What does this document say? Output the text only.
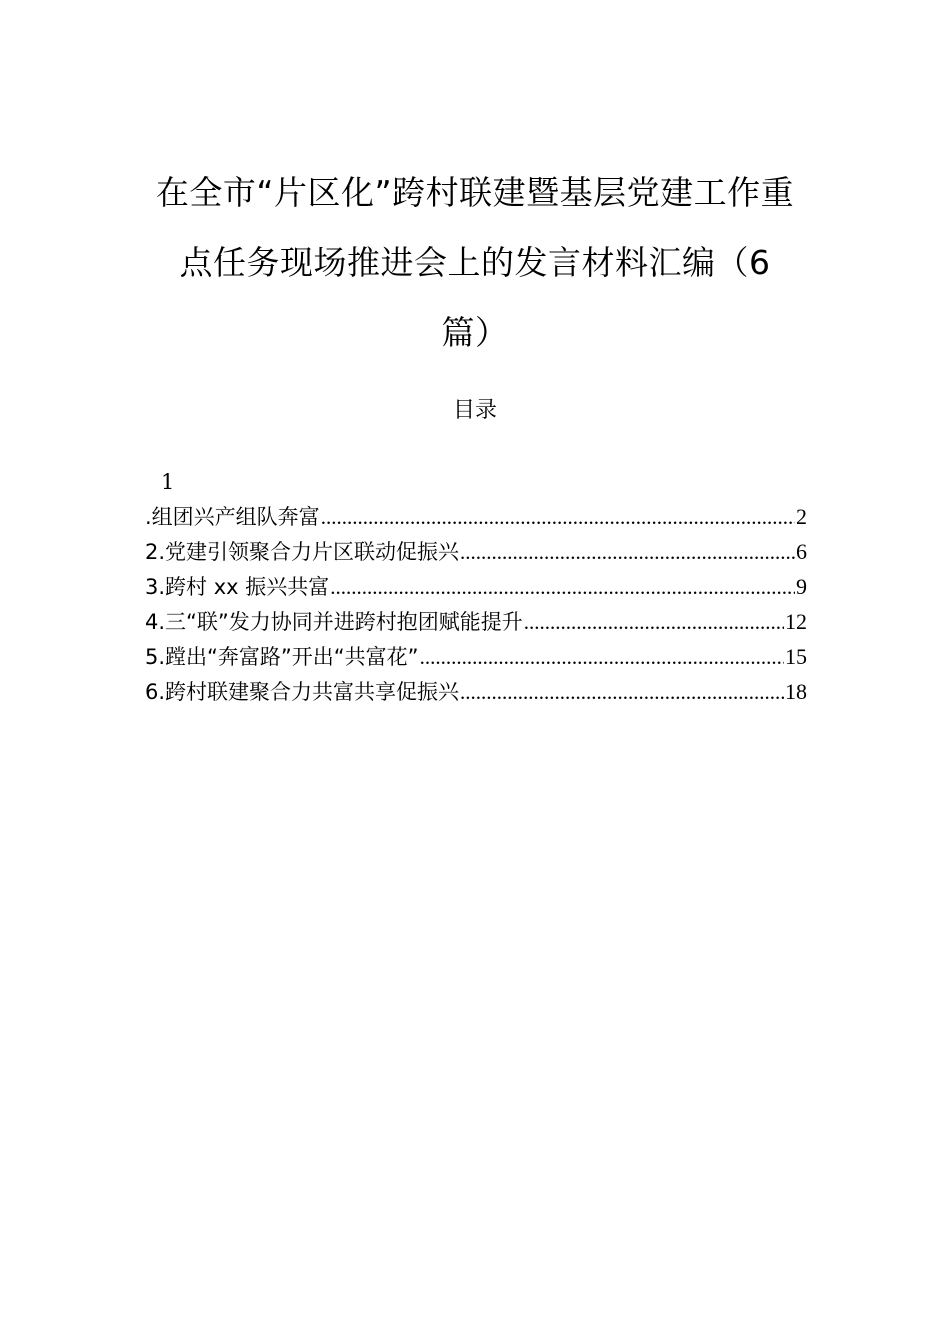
在全市“片区化”跨村联建暨基层党建工作重
点任务现场推进会上的发言材料汇编（6
篇）
目录
1
.组团兴产组队奔富 .....	2
2.党建引领聚合力片区联动促振兴 .....	6
3.跨村 xx 振兴共富 .....	9
4.三“联”发力协同并进跨村抱团赋能提升 .....	12
5.蹚出“奔富路”开出“共富花” .....	15
6.跨村联建聚合力共富共享促振兴 .....	18
